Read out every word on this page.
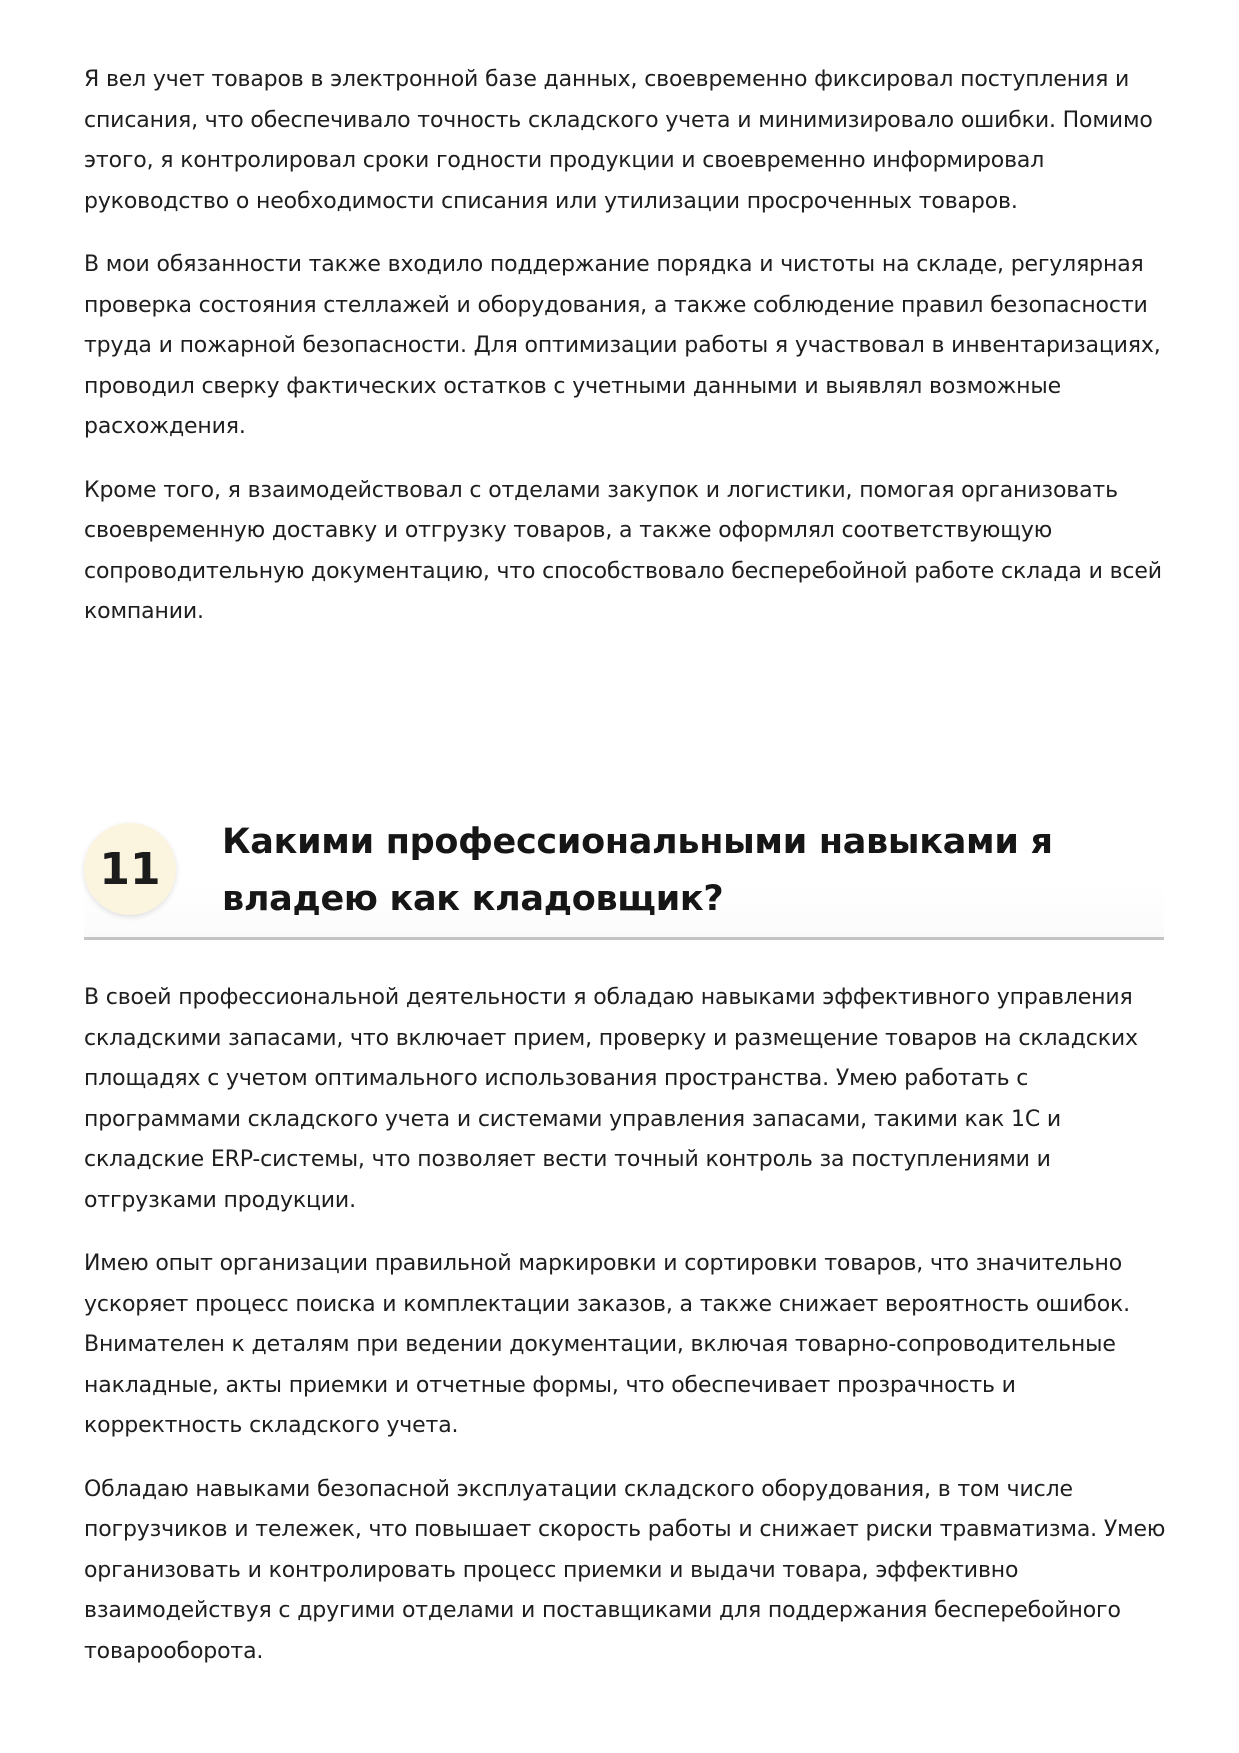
Я вел учет товаров в электронной базе данных, своевременно фиксировал поступления и списания, что обеспечивало точность складского учета и минимизировало ошибки. Помимо этого, я контролировал сроки годности продукции и своевременно информировал руководство о необходимости списания или утилизации просроченных товаров.

В мои обязанности также входило поддержание порядка и чистоты на складе, регулярная проверка состояния стеллажей и оборудования, а также соблюдение правил безопасности труда и пожарной безопасности. Для оптимизации работы я участвовал в инвентаризациях, проводил сверку фактических остатков с учетными данными и выявлял возможные расхождения.

Кроме того, я взаимодействовал с отделами закупок и логистики, помогая организовать своевременную доставку и отгрузку товаров, а также оформлял соответствующую сопроводительную документацию, что способствовало бесперебойной работе склада и всей компании.

11
Какими профессиональными навыками я владею как кладовщик?

В своей профессиональной деятельности я обладаю навыками эффективного управления складскими запасами, что включает прием, проверку и размещение товаров на складских площадях с учетом оптимального использования пространства. Умею работать с программами складского учета и системами управления запасами, такими как 1С и складские ERP-системы, что позволяет вести точный контроль за поступлениями и отгрузками продукции.

Имею опыт организации правильной маркировки и сортировки товаров, что значительно ускоряет процесс поиска и комплектации заказов, а также снижает вероятность ошибок. Внимателен к деталям при ведении документации, включая товарно-сопроводительные накладные, акты приемки и отчетные формы, что обеспечивает прозрачность и корректность складского учета.

Обладаю навыками безопасной эксплуатации складского оборудования, в том числе погрузчиков и тележек, что повышает скорость работы и снижает риски травматизма. Умею организовать и контролировать процесс приемки и выдачи товара, эффективно взаимодействуя с другими отделами и поставщиками для поддержания бесперебойного товарооборота.
